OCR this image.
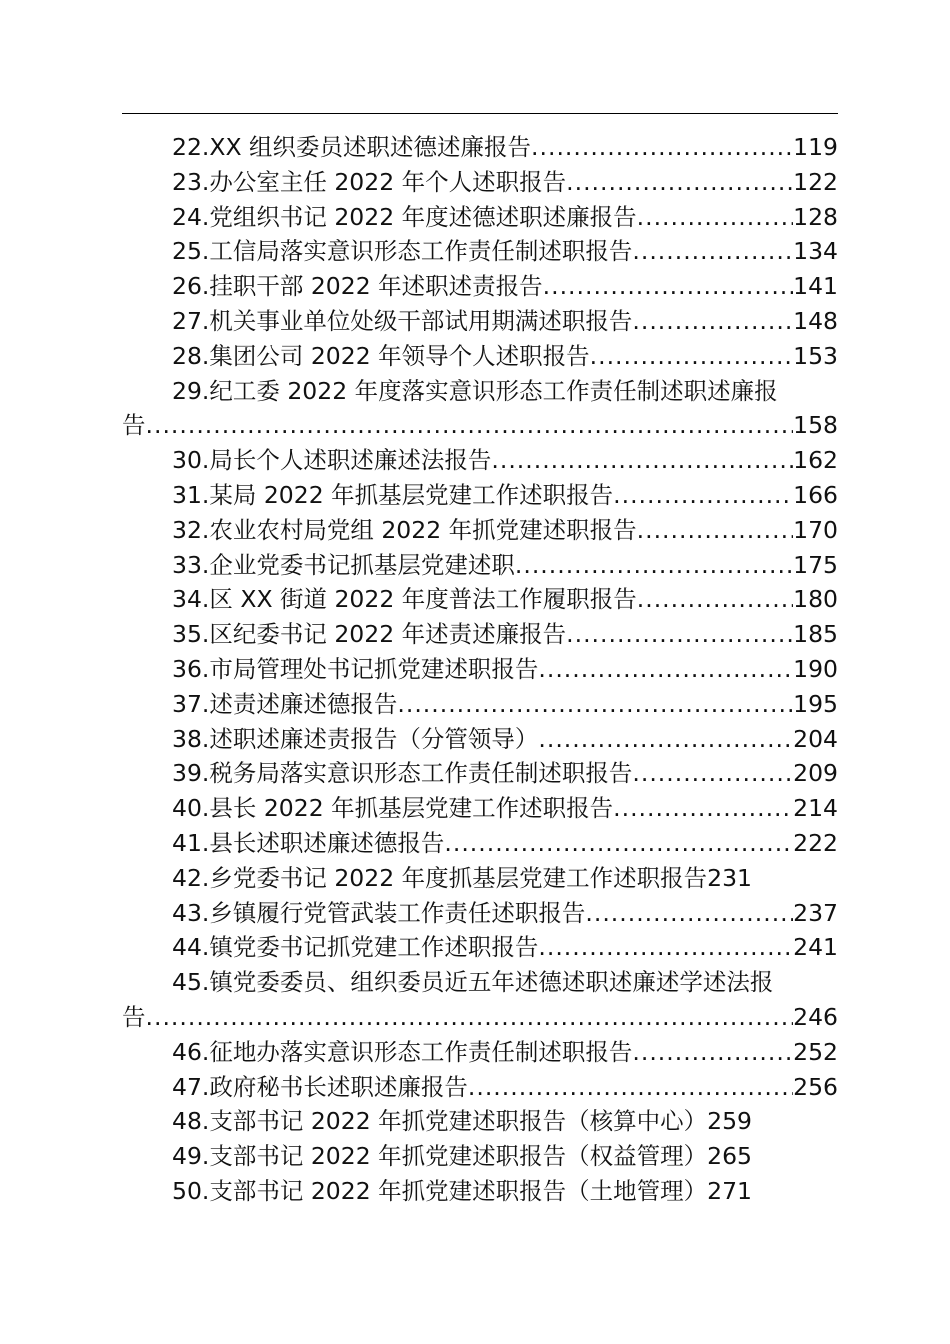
22.XX 组织委员述职述德述廉报告 .....	119
23.办公室主任 2022 年个人述职报告 .....	122
24.党组织书记 2022 年度述德述职述廉报告 .....	128
25.工信局落实意识形态工作责任制述职报告 .....	134
26.挂职干部 2022 年述职述责报告 .....	141
27.机关事业单位处级干部试用期满述职报告 .....	148
28.集团公司 2022 年领导个人述职报告 .....	153
29.纪工委 2022 年度落实意识形态工作责任制述职述廉报
告 .....	158
30.局长个人述职述廉述法报告 .....	162
31.某局 2022 年抓基层党建工作述职报告 .....	166
32.农业农村局党组 2022 年抓党建述职报告 .....	170
33.企业党委书记抓基层党建述职 .....	175
34.区 XX 街道 2022 年度普法工作履职报告 .....	180
35.区纪委书记 2022 年述责述廉报告 .....	185
36.市局管理处书记抓党建述职报告 .....	190
37.述责述廉述德报告 .....	195
38.述职述廉述责报告（分管领导） .....	204
39.税务局落实意识形态工作责任制述职报告 .....	209
40.县长 2022 年抓基层党建工作述职报告 .....	214
41.县长述职述廉述德报告 .....	222
42.乡党委书记 2022 年度抓基层党建工作述职报告 231
43.乡镇履行党管武装工作责任述职报告 .....	237
44.镇党委书记抓党建工作述职报告 .....	241
45.镇党委委员、组织委员近五年述德述职述廉述学述法报
告 .....	246
46.征地办落实意识形态工作责任制述职报告 .....	252
47.政府秘书长述职述廉报告 .....	256
48.支部书记 2022 年抓党建述职报告（核算中心） 259
49.支部书记 2022 年抓党建述职报告（权益管理） 265
50.支部书记 2022 年抓党建述职报告（土地管理） 271
